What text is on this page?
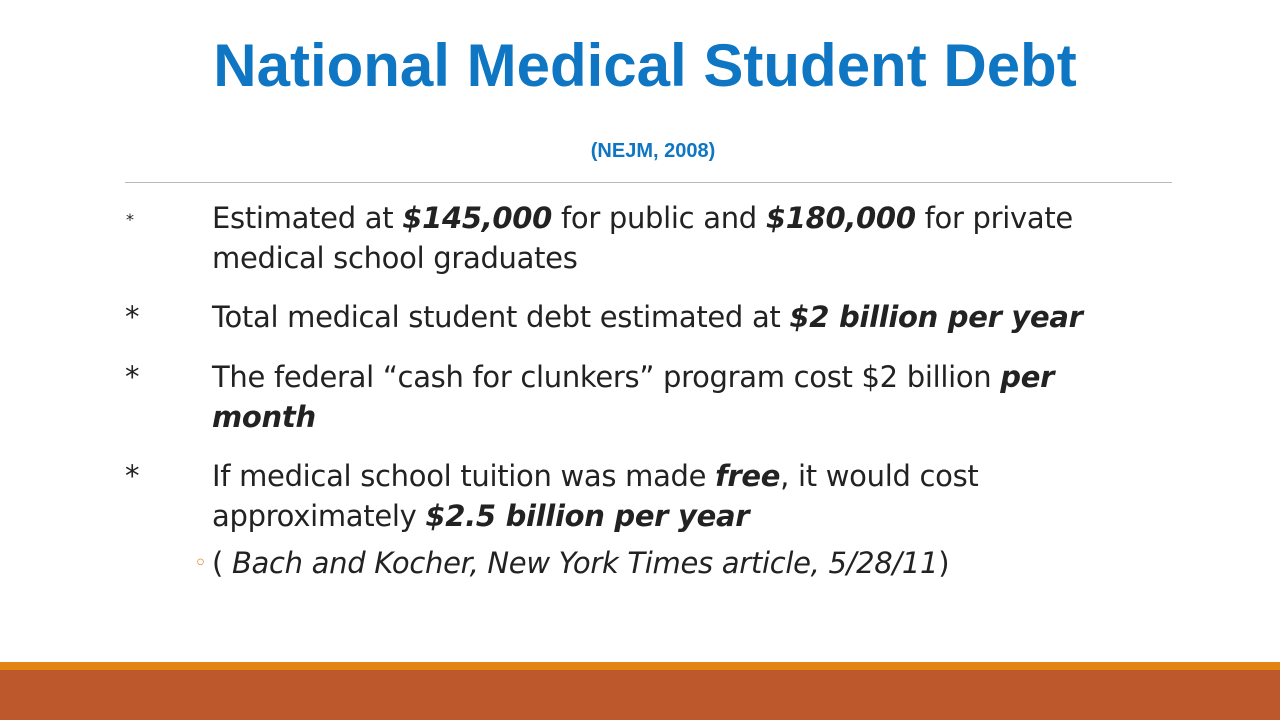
National Medical Student Debt
(NEJM, 2008)
*	Estimated at $145,000 for public and $180,000 for private medical school graduates
*	Total medical student debt estimated at $2 billion per year
*	The federal “cash for clunkers” program cost $2 billion per month
*	If medical school tuition was made free, it would cost approximately $2.5 billion per year
◦ ( Bach and Kocher, New York Times article, 5/28/11)
